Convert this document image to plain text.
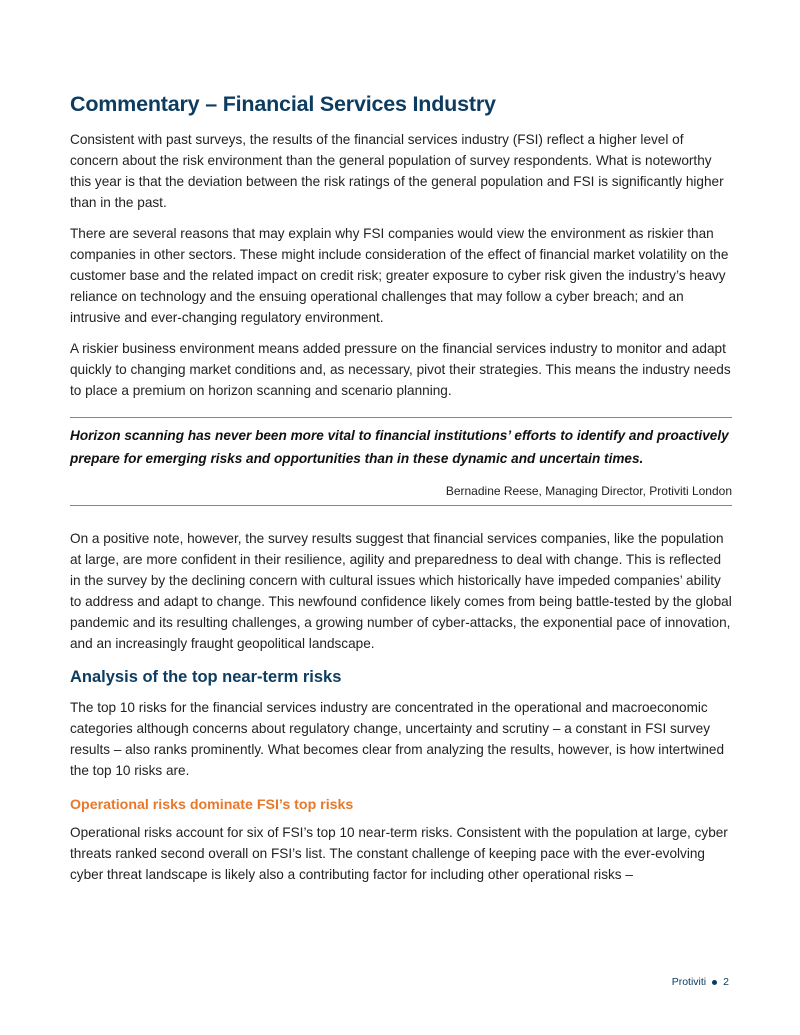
Commentary – Financial Services Industry

Consistent with past surveys, the results of the financial services industry (FSI) reflect a higher level of concern about the risk environment than the general population of survey respondents. What is noteworthy this year is that the deviation between the risk ratings of the general population and FSI is significantly higher than in the past.

There are several reasons that may explain why FSI companies would view the environment as riskier than companies in other sectors. These might include consideration of the effect of financial market volatility on the customer base and the related impact on credit risk; greater exposure to cyber risk given the industry’s heavy reliance on technology and the ensuing operational challenges that may follow a cyber breach; and an intrusive and ever-changing regulatory environment.

A riskier business environment means added pressure on the financial services industry to monitor and adapt quickly to changing market conditions and, as necessary, pivot their strategies. This means the industry needs to place a premium on horizon scanning and scenario planning.

Horizon scanning has never been more vital to financial institutions’ efforts to identify and proactively prepare for emerging risks and opportunities than in these dynamic and uncertain times.

Bernadine Reese, Managing Director, Protiviti London

On a positive note, however, the survey results suggest that financial services companies, like the population at large, are more confident in their resilience, agility and preparedness to deal with change. This is reflected in the survey by the declining concern with cultural issues which historically have impeded companies’ ability to address and adapt to change. This newfound confidence likely comes from being battle-tested by the global pandemic and its resulting challenges, a growing number of cyber-attacks, the exponential pace of innovation, and an increasingly fraught geopolitical landscape.

Analysis of the top near-term risks

The top 10 risks for the financial services industry are concentrated in the operational and macroeconomic categories although concerns about regulatory change, uncertainty and scrutiny – a constant in FSI survey results – also ranks prominently. What becomes clear from analyzing the results, however, is how intertwined the top 10 risks are.

Operational risks dominate FSI’s top risks

Operational risks account for six of FSI’s top 10 near-term risks. Consistent with the population at large, cyber threats ranked second overall on FSI’s list. The constant challenge of keeping pace with the ever-evolving cyber threat landscape is likely also a contributing factor for including other operational risks –

Protiviti 2
